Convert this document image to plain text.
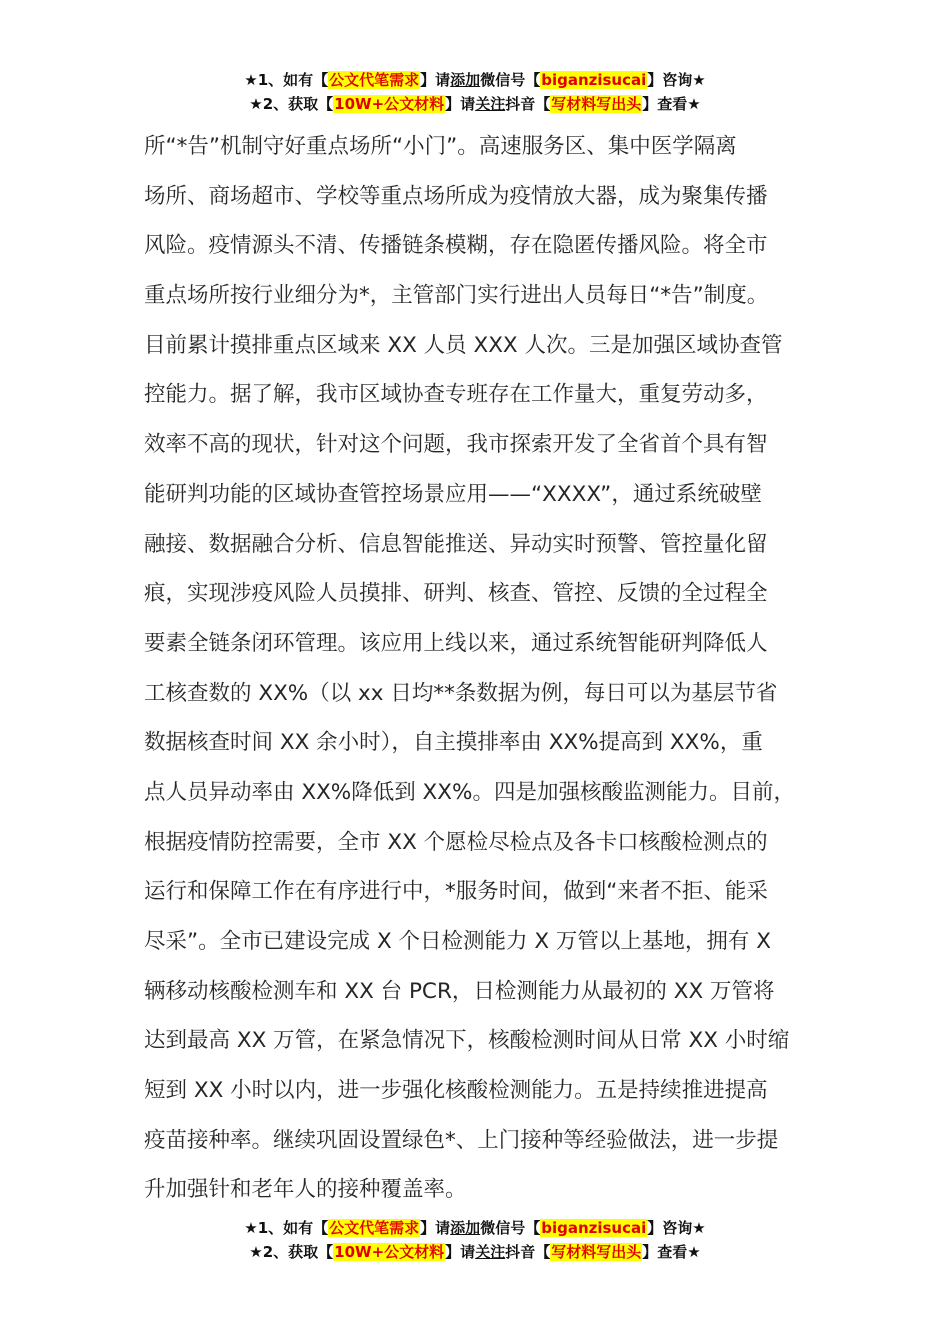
★1、如有【公文代笔需求】请添加微信号【biganzisucai】咨询★
★2、获取【10W+公文材料】请关注抖音【写材料写出头】查看★
所“*告”机制守好重点场所“小门”。高速服务区、集中医学隔离
场所、商场超市、学校等重点场所成为疫情放大器，成为聚集传播
风险。疫情源头不清、传播链条模糊，存在隐匿传播风险。将全市
重点场所按行业细分为*，主管部门实行进出人员每日“*告”制度。
目前累计摸排重点区域来 XX 人员 XXX 人次。三是加强区域协查管
控能力。据了解，我市区域协查专班存在工作量大，重复劳动多，
效率不高的现状，针对这个问题，我市探索开发了全省首个具有智
能研判功能的区域协查管控场景应用——“XXXX”，通过系统破壁
融接、数据融合分析、信息智能推送、异动实时预警、管控量化留
痕，实现涉疫风险人员摸排、研判、核查、管控、反馈的全过程全
要素全链条闭环管理。该应用上线以来，通过系统智能研判降低人
工核查数的 XX%（以 xx 日均**条数据为例，每日可以为基层节省
数据核查时间 XX 余小时），自主摸排率由 XX%提高到 XX%，重
点人员异动率由 XX%降低到 XX%。四是加强核酸监测能力。目前，
根据疫情防控需要，全市 XX 个愿检尽检点及各卡口核酸检测点的
运行和保障工作在有序进行中，*服务时间，做到“来者不拒、能采
尽采”。全市已建设完成 X 个日检测能力 X 万管以上基地，拥有 X
辆移动核酸检测车和 XX 台 PCR，日检测能力从最初的 XX 万管将
达到最高 XX 万管，在紧急情况下，核酸检测时间从日常 XX 小时缩
短到 XX 小时以内，进一步强化核酸检测能力。五是持续推进提高
疫苗接种率。继续巩固设置绿色*、上门接种等经验做法，进一步提
升加强针和老年人的接种覆盖率。
★1、如有【公文代笔需求】请添加微信号【biganzisucai】咨询★
★2、获取【10W+公文材料】请关注抖音【写材料写出头】查看★
